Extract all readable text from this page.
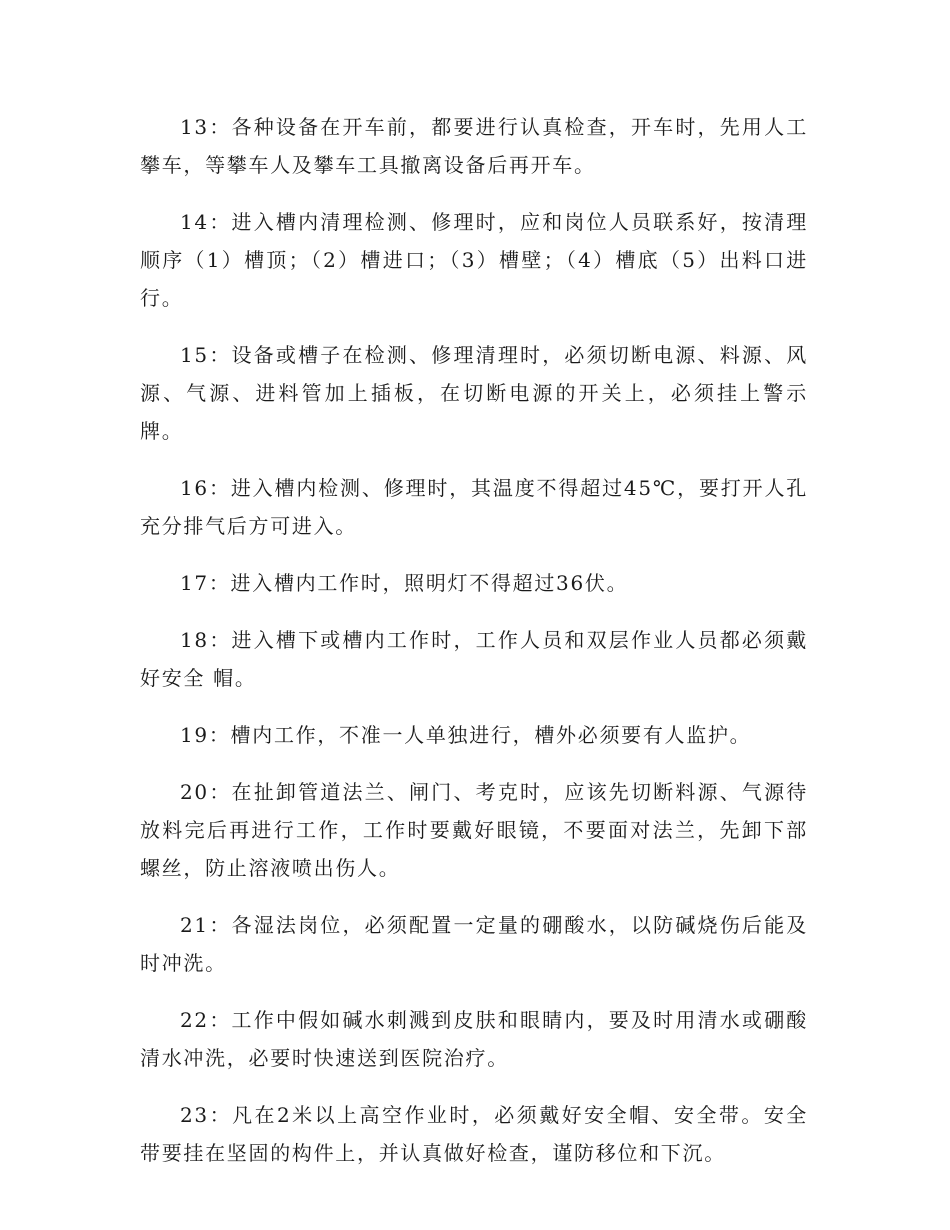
13：各种设备在开车前，都要进行认真检查，开车时，先用人工攀车，等攀车人及攀车工具撤离设备后再开车。

14：进入槽内清理检测、修理时，应和岗位人员联系好，按清理顺序（1）槽顶；（2）槽进口；（3）槽壁；（4）槽底（5）出料口进行。

15：设备或槽子在检测、修理清理时，必须切断电源、料源、风源、气源、进料管加上插板，在切断电源的开关上，必须挂上警示牌。

16：进入槽内检测、修理时，其温度不得超过45℃，要打开人孔充分排气后方可进入。

17：进入槽内工作时，照明灯不得超过36伏。

18：进入槽下或槽内工作时，工作人员和双层作业人员都必须戴好安全 帽。

19：槽内工作，不准一人单独进行，槽外必须要有人监护。

20：在扯卸管道法兰、闸门、考克时，应该先切断料源、气源待放料完后再进行工作，工作时要戴好眼镜，不要面对法兰，先卸下部螺丝，防止溶液喷出伤人。

21：各湿法岗位，必须配置一定量的硼酸水，以防碱烧伤后能及时冲洗。

22：工作中假如碱水刺溅到皮肤和眼睛内，要及时用清水或硼酸清水冲洗，必要时快速送到医院治疗。

23：凡在2米以上高空作业时，必须戴好安全帽、安全带。安全带要挂在坚固的构件上，并认真做好检查，谨防移位和下沉。
